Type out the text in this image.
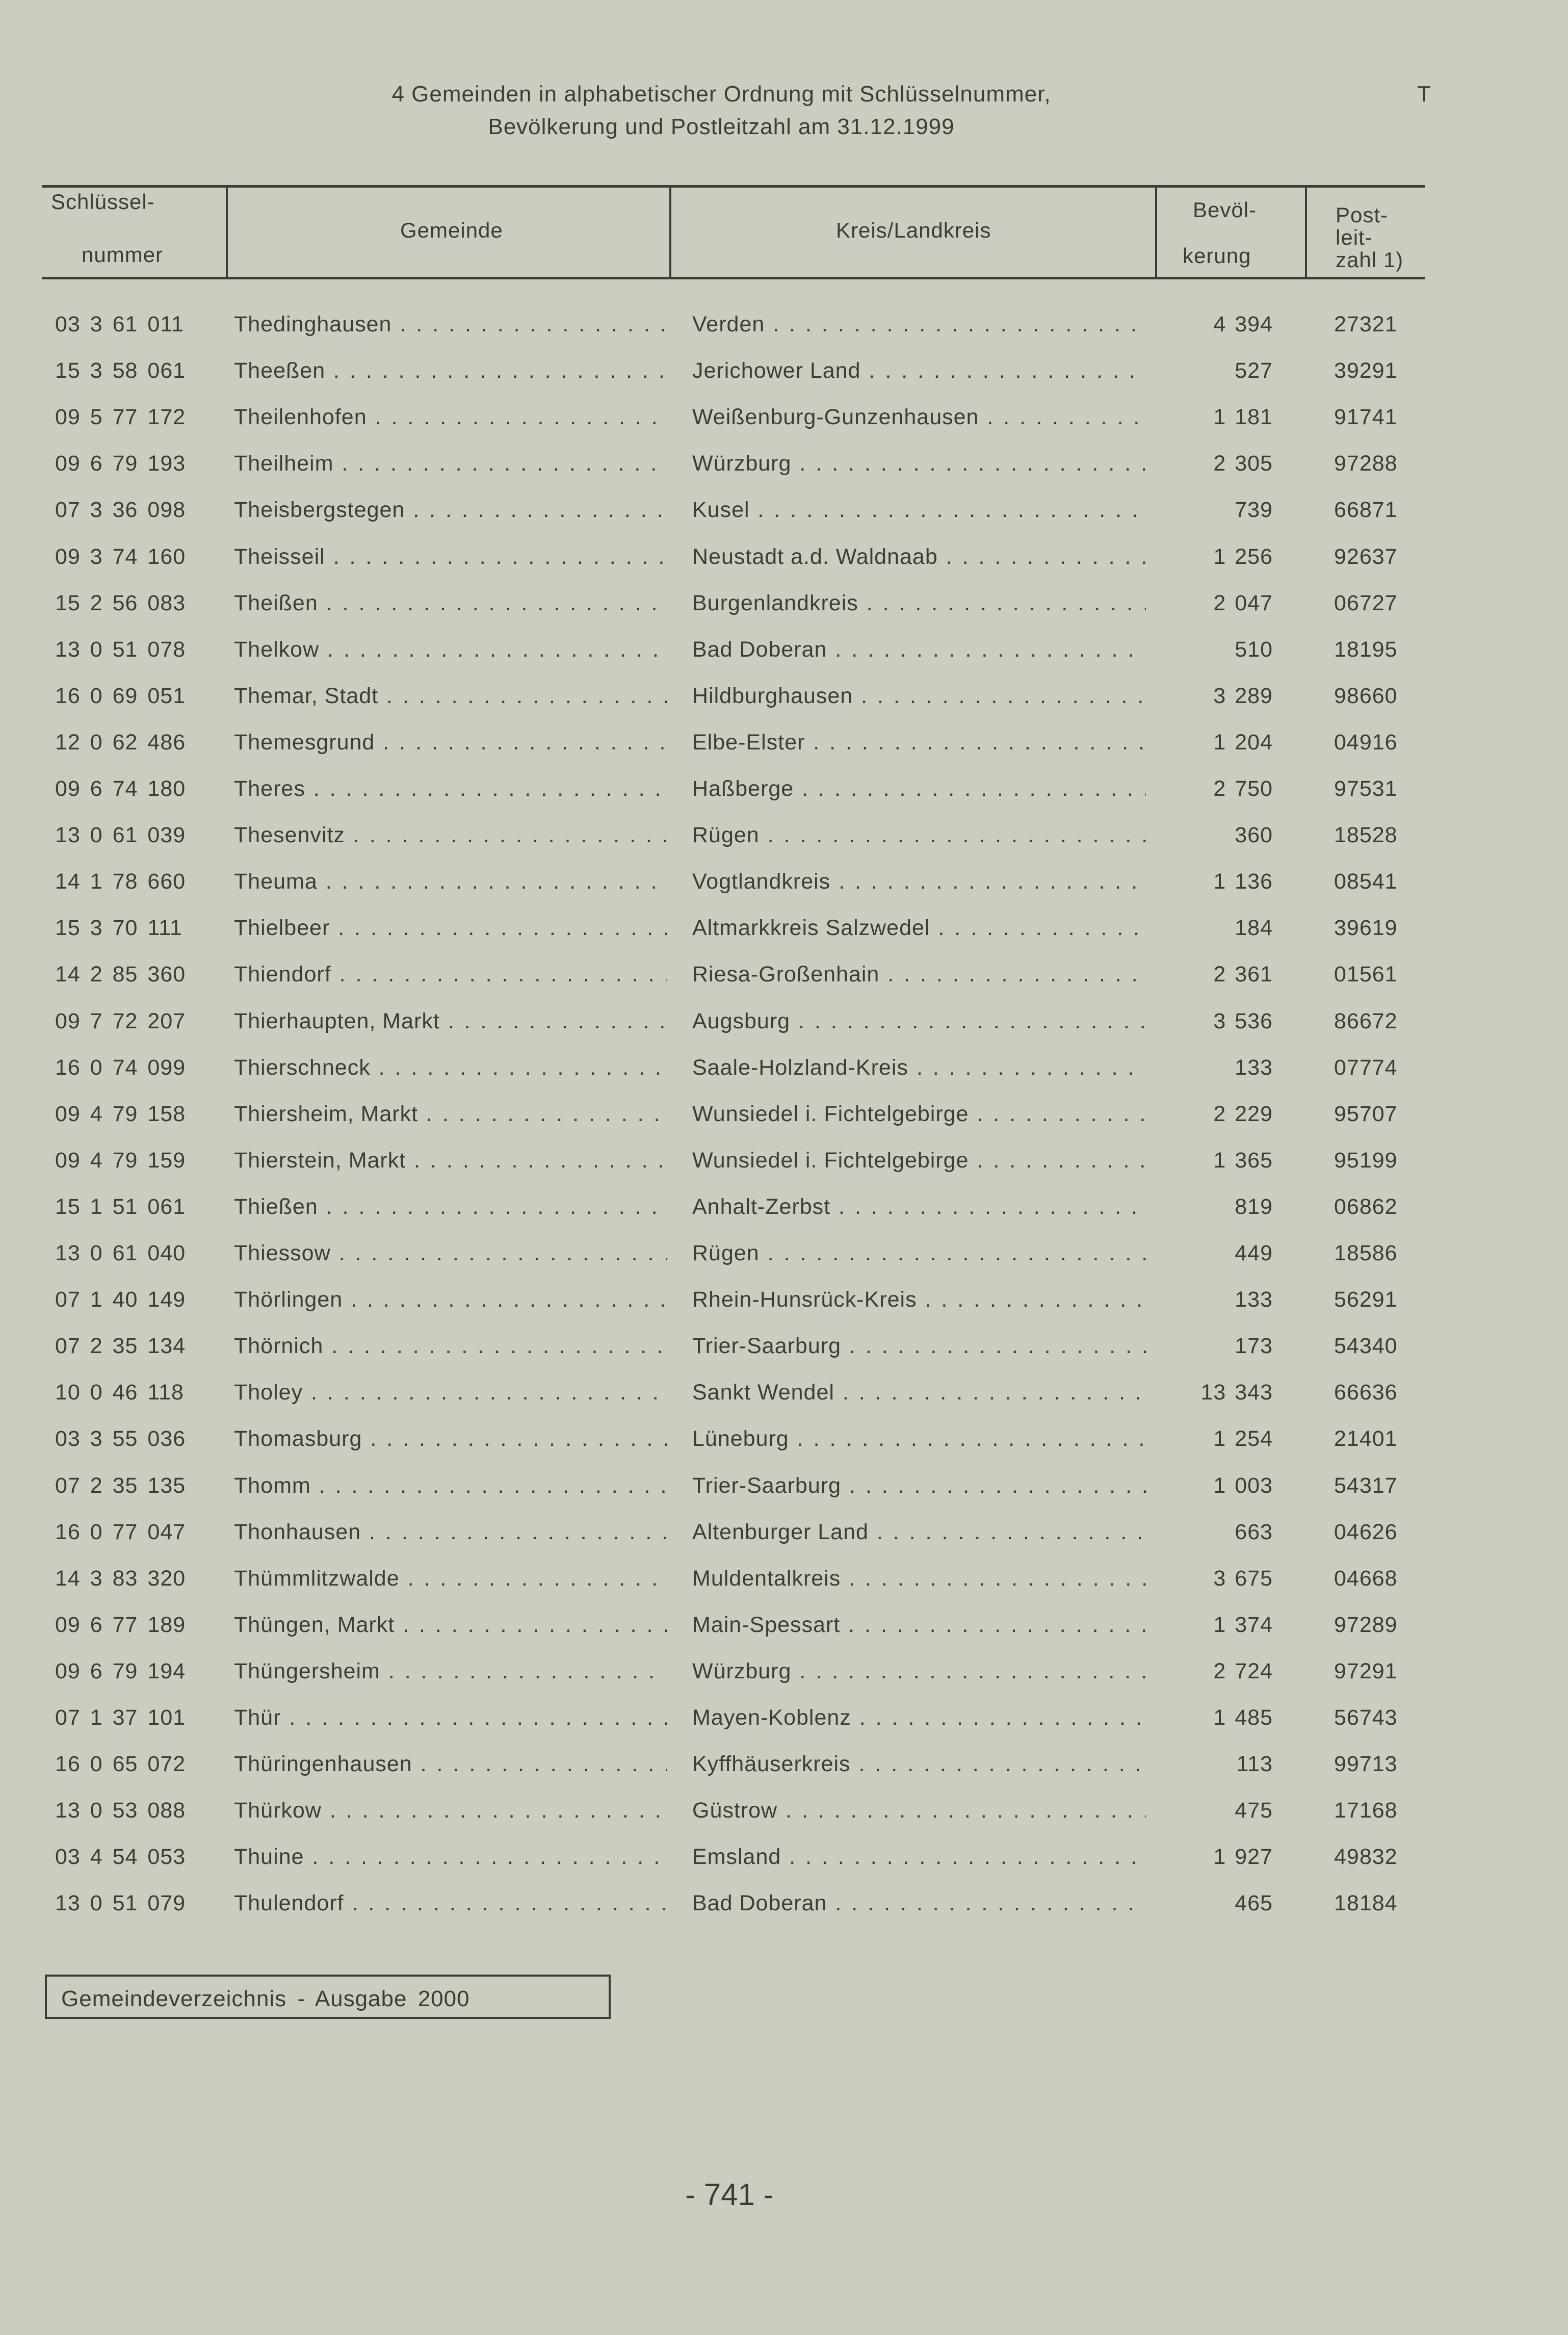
4 Gemeinden in alphabetischer Ordnung mit Schlüsselnummer,
Bevölkerung und Postleitzahl am 31.12.1999
T
Schlüssel-
nummer
Gemeinde	Kreis/Landkreis
Bevöl-
kerung
Post-
leit-
zahl 1)
03 3 61 011 Thedinghausen . . .	Verden . . .	4 394	27321
15 3 58 061 Theeßen . . .	Jerichower Land . . .	527	39291
09 5 77 172 Theilenhofen . . .	Weißenburg-Gunzenhausen . . .	1 181	91741
09 6 79 193 Theilheim . . .	Würzburg . . .	2 305	97288
07 3 36 098 Theisbergstegen . . .	Kusel . . .	739	66871
09 3 74 160 Theisseil . . .	Neustadt a.d. Waldnaab . . .	1 256	92637
15 2 56 083 Theißen . . .	Burgenlandkreis . . .	2 047	06727
13 0 51 078 Thelkow . . .	Bad Doberan . . .	510	18195
16 0 69 051 Themar, Stadt . . .	Hildburghausen . . .	3 289	98660
12 0 62 486 Themesgrund . . .	Elbe-Elster . . .	1 204	04916
09 6 74 180 Theres . . .	Haßberge . . .	2 750	97531
13 0 61 039 Thesenvitz . . .	Rügen . . .	360	18528
14 1 78 660 Theuma . . .	Vogtlandkreis . . .	1 136	08541
15 3 70 111 Thielbeer . . .	Altmarkkreis Salzwedel . . .	184	39619
14 2 85 360 Thiendorf . . .	Riesa-Großenhain . . .	2 361	01561
09 7 72 207 Thierhaupten, Markt . . .	Augsburg . . .	3 536	86672
16 0 74 099 Thierschneck . . .	Saale-Holzland-Kreis . . .	133	07774
09 4 79 158 Thiersheim, Markt . . .	Wunsiedel i. Fichtelgebirge . . .	2 229	95707
09 4 79 159 Thierstein, Markt . . .	Wunsiedel i. Fichtelgebirge . . .	1 365	95199
15 1 51 061 Thießen . . .	Anhalt-Zerbst . . .	819	06862
13 0 61 040 Thiessow . . .	Rügen . . .	449	18586
07 1 40 149 Thörlingen . . .	Rhein-Hunsrück-Kreis . . .	133	56291
07 2 35 134 Thörnich . . .	Trier-Saarburg . . .	173	54340
10 0 46 118 Tholey . . .	Sankt Wendel . . .	13 343	66636
03 3 55 036 Thomasburg . . .	Lüneburg . . .	1 254	21401
07 2 35 135 Thomm . . .	Trier-Saarburg . . .	1 003	54317
16 0 77 047 Thonhausen . . .	Altenburger Land . . .	663	04626
14 3 83 320 Thümmlitzwalde . . .	Muldentalkreis . . .	3 675	04668
09 6 77 189 Thüngen, Markt . . .	Main-Spessart . . .	1 374	97289
09 6 79 194 Thüngersheim . . .	Würzburg . . .	2 724	97291
07 1 37 101 Thür . . .	Mayen-Koblenz . . .	1 485	56743
16 0 65 072 Thüringenhausen . . .	Kyffhäuserkreis . . .	113	99713
13 0 53 088 Thürkow . . .	Güstrow . . .	475	17168
03 4 54 053 Thuine . . .	Emsland . . .	1 927	49832
13 0 51 079 Thulendorf . . .	Bad Doberan . . .	465	18184
Gemeindeverzeichnis - Ausgabe 2000
- 741 -
